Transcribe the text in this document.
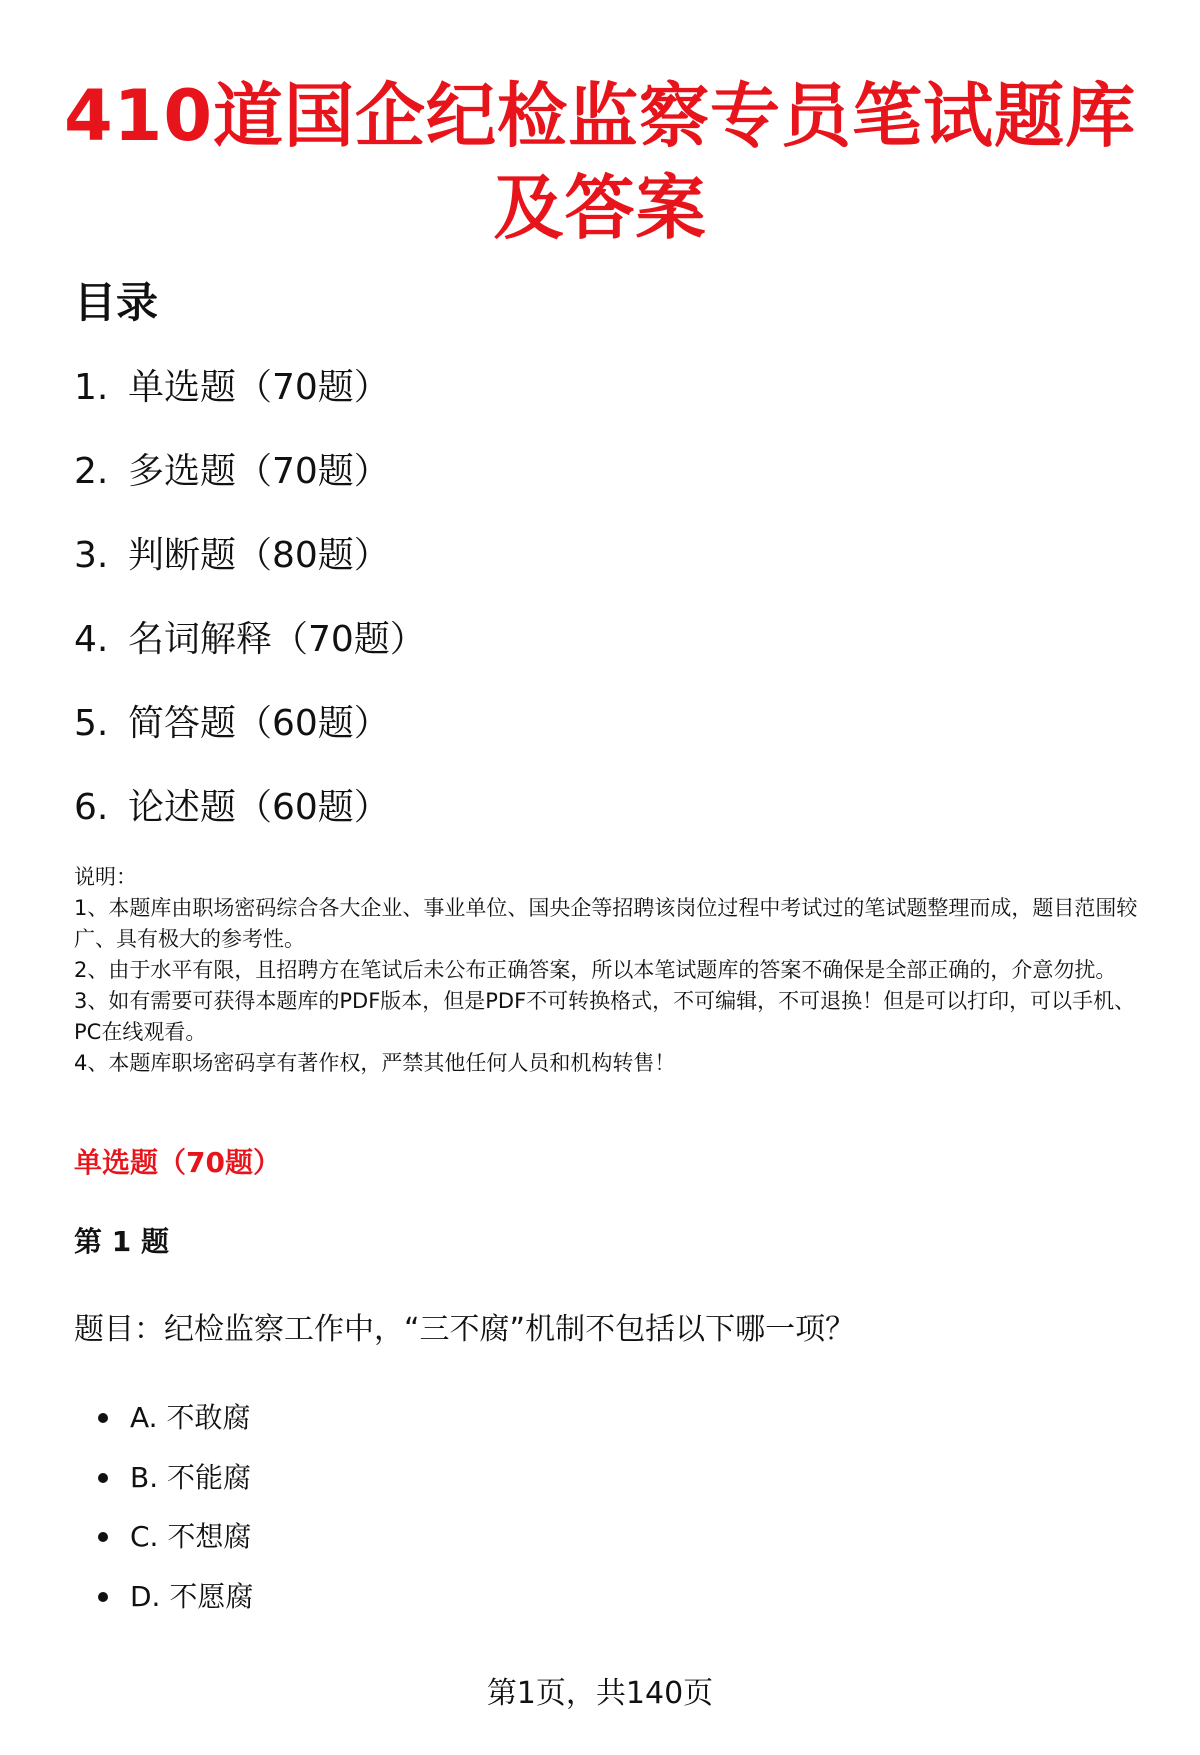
410道国企纪检监察专员笔试题库及答案
目录
1. 单选题（70题）
2. 多选题（70题）
3. 判断题（80题）
4. 名词解释（70题）
5. 简答题（60题）
6. 论述题（60题）

说明：

1、本题库由职场密码综合各大企业、事业单位、国央企等招聘该岗位过程中考试过的笔试题整理而成，题目范围较广、具有极大的参考性。

2、由于水平有限，且招聘方在笔试后未公布正确答案，所以本笔试题库的答案不确保是全部正确的，介意勿扰。

3、如有需要可获得本题库的PDF版本，但是PDF不可转换格式，不可编辑，不可退换！但是可以打印，可以手机、PC在线观看。

4、本题库职场密码享有著作权，严禁其他任何人员和机构转售！

单选题（70题）
第 1 题
题目：纪检监察工作中，“三不腐”机制不包括以下哪一项？
A. 不敢腐
B. 不能腐
C. 不想腐
D. 不愿腐
第1页，共140页
